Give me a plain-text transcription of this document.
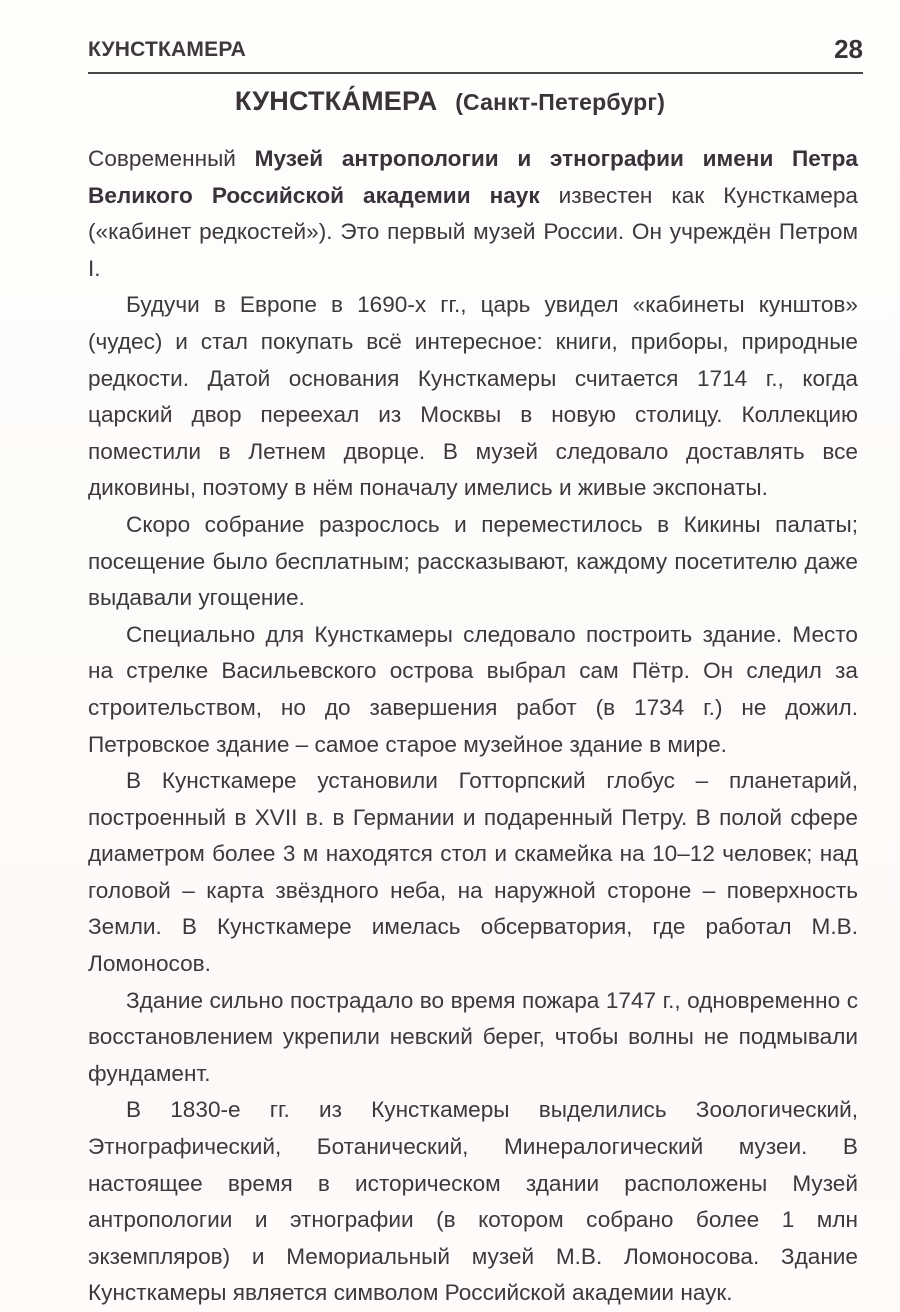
КУНСТКАМЕРА	28
КУНСТКА́МЕРА (Санкт-Петербург)

Современный Музей антропологии и этнографии имени Петра Великого Российской академии наук известен как Кунсткамера («кабинет редкостей»). Это первый музей России. Он учреждён Петром I.

Будучи в Европе в 1690-х гг., царь увидел «кабинеты кунштов» (чудес) и стал покупать всё интересное: книги, приборы, природные редкости. Датой основания Кунсткамеры считается 1714 г., когда царский двор переехал из Москвы в новую столицу. Коллекцию поместили в Летнем дворце. В музей следовало доставлять все диковины, поэтому в нём поначалу имелись и живые экспонаты.

Скоро собрание разрослось и переместилось в Кикины палаты; посещение было бесплатным; рассказывают, каждому посетителю даже выдавали угощение.

Специально для Кунсткамеры следовало построить здание. Место на стрелке Васильевского острова выбрал сам Пётр. Он следил за строительством, но до завершения работ (в 1734 г.) не дожил. Петровское здание – самое старое музейное здание в мире.

В Кунсткамере установили Готторпский глобус – планетарий, построенный в XVII в. в Германии и подаренный Петру. В полой сфере диаметром более 3 м находятся стол и скамейка на 10–12 человек; над головой – карта звёздного неба, на наружной стороне – поверхность Земли. В Кунсткамере имелась обсерватория, где работал М.В. Ломоносов.

Здание сильно пострадало во время пожара 1747 г., одновременно с восстановлением укрепили невский берег, чтобы волны не подмывали фундамент.

В 1830-е гг. из Кунсткамеры выделились Зоологический, Этнографический, Ботанический, Минералогический музеи. В настоящее время в историческом здании расположены Музей антропологии и этнографии (в котором собрано более 1 млн экземпляров) и Мемориальный музей М.В. Ломоносова. Здание Кунсткамеры является символом Российской академии наук.
